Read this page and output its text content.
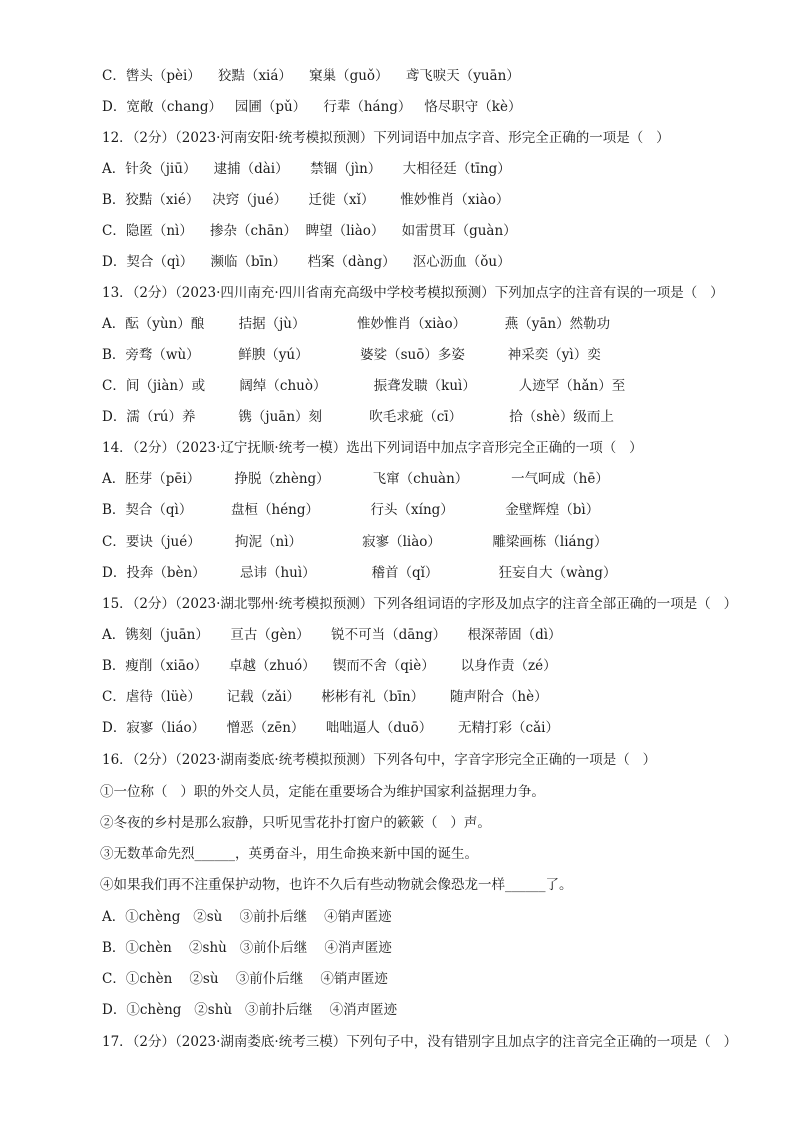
C．辔头（pèi）    狡黠（xiá）    窠巢（guǒ）    鸢飞唳天（yuān）
D．宽敞（chang）   园圃（pǔ）    行辈（háng）   恪尽职守（kè）
12．（2分）（2023·河南安阳·统考模拟预测）下列词语中加点字音、形完全正确的一项是（   ）
A．针灸（jiū）    逮捕（dài）     禁锢（jìn）     大相径廷（tīng）
B．狡黠（xié）   决窍（jué）     迁徙（xǐ）      惟妙惟肖（xiào）
C．隐匿（nì）    掺杂（chān）  睥望（liào）    如雷贯耳（guàn）
D．契合（qì）    濒临（bīn）     档案（dàng）    沤心沥血（ǒu）
13．（2分）（2023·四川南充·四川省南充高级中学校考模拟预测）下列加点字的注音有误的一项是（   ）
A．酝（yùn）酿        拮据（jù）            惟妙惟肖（xiào）         燕（yān）然勒功
B．旁骛（wù）         鲜腴（yú）            婆娑（suō）多姿          神采奕（yì）奕
C．间（jiàn）或        阔绰（chuò）           振聋发聩（kuì）          人迹罕（hǎn）至
D．濡（rú）养          镌（juān）刻           吹毛求疵（cī）           拾（shè）级而上
14．（2分）（2023·辽宁抚顺·统考一模）选出下列词语中加点字音形完全正确的一项（   ）
A．胚芽（pēi）        挣脱（zhèng）          飞窜（chuàn）          一气呵成（hē）
B．契合（qì）         盘桓（héng）            行头（xíng）            金壁辉煌（bì）
C．要诀（jué）        拘泥（nì）              寂寥（liào）            雕梁画栋（liáng）
D．投奔（bèn）        忌讳（huì）             稽首（qǐ）              狂妄自大（wàng）
15．（2分）（2023·湖北鄂州·统考模拟预测）下列各组词语的字形及加点字的注音全部正确的一项是（   ）
A．镌刻（juān）     亘古（gèn）     锐不可当（dāng）     根深蒂固（dì）
B．瘦削（xiāo）     卓越（zhuó）    锲而不舍（qiè）      以身作责（zé）
C．虐待（lüè）      记载（zǎi）     彬彬有礼（bīn）      随声附合（hè）
D．寂寥（liáo）     憎恶（zēn）     咄咄逼人（duō）      无精打彩（cǎi）
16．（2分）（2023·湖南娄底·统考模拟预测）下列各句中，字音字形完全正确的一项是（   ）
①一位称（   ）职的外交人员，定能在重要场合为维护国家利益据理力争。
②冬夜的乡村是那么寂静，只听见雪花扑打窗户的簌簌（   ）声。
③无数革命先烈______，英勇奋斗，用生命换来新中国的诞生。
④如果我们再不注重保护动物，也许不久后有些动物就会像恐龙一样______了。
A．①chèng   ②sù    ③前扑后继    ④销声匿迹
B．①chèn    ②shù   ③前仆后继    ④消声匿迹
C．①chèn    ②sù    ③前仆后继    ④销声匿迹
D．①chèng   ②shù   ③前扑后继    ④消声匿迹
17．（2分）（2023·湖南娄底·统考三模）下列句子中，没有错别字且加点字的注音完全正确的一项是（   ）
